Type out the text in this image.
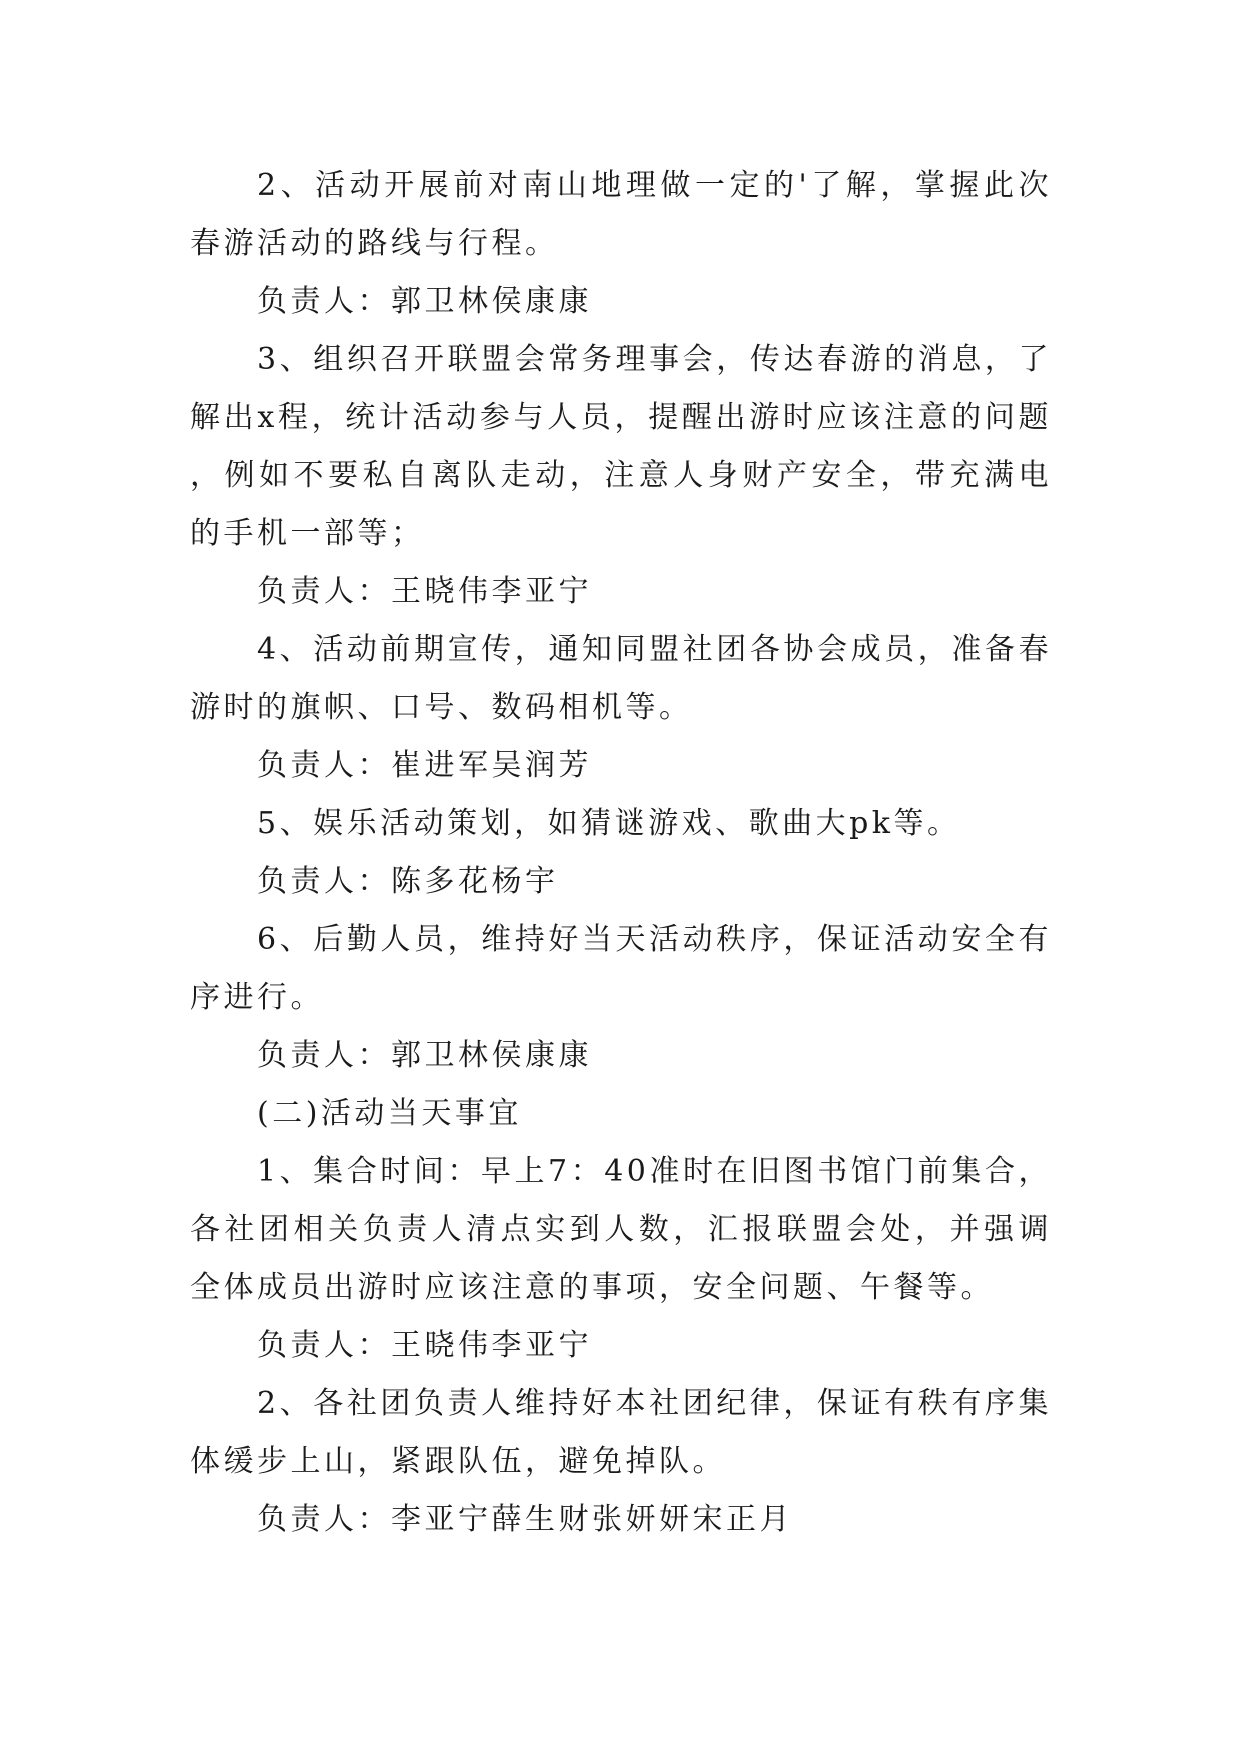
2、活动开展前对南山地理做一定的'了解，掌握此次春游活动的路线与行程。

负责人：郭卫林侯康康

3、组织召开联盟会常务理事会，传达春游的消息，了解出x程，统计活动参与人员，提醒出游时应该注意的问题，例如不要私自离队走动，注意人身财产安全，带充满电的手机一部等；

负责人：王晓伟李亚宁

4、活动前期宣传，通知同盟社团各协会成员，准备春游时的旗帜、口号、数码相机等。

负责人：崔进军吴润芳

5、娱乐活动策划，如猜谜游戏、歌曲大pk等。

负责人：陈多花杨宇

6、后勤人员，维持好当天活动秩序，保证活动安全有序进行。

负责人：郭卫林侯康康

(二)活动当天事宜

1、集合时间：早上7：40准时在旧图书馆门前集合，各社团相关负责人清点实到人数，汇报联盟会处，并强调全体成员出游时应该注意的事项，安全问题、午餐等。

负责人：王晓伟李亚宁

2、各社团负责人维持好本社团纪律，保证有秩有序集体缓步上山，紧跟队伍，避免掉队。

负责人：李亚宁薛生财张妍妍宋正月
